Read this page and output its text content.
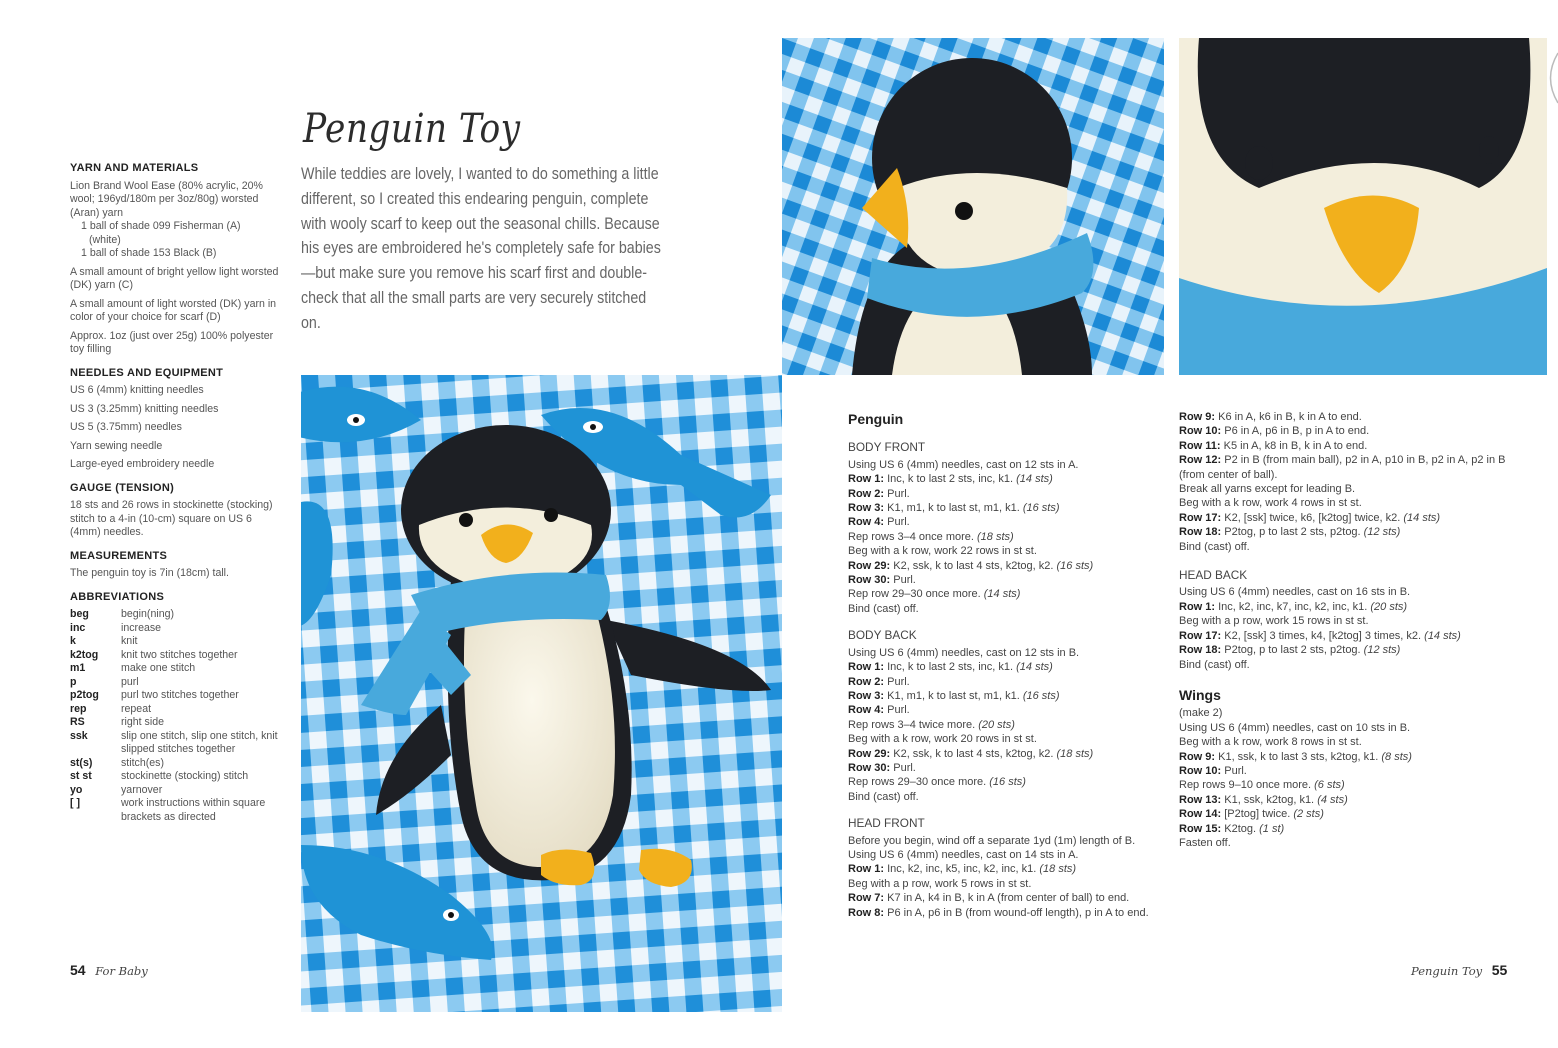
YARN AND MATERIALS

Lion Brand Wool Ease (80% acrylic, 20% wool; 196yd/180m per 3oz/80g) worsted (Aran) yarn

1 ball of shade 099 Fisherman (A)

(white)

1 ball of shade 153 Black (B)

A small amount of bright yellow light worsted (DK) yarn (C)

A small amount of light worsted (DK) yarn in color of your choice for scarf (D)

Approx. 1oz (just over 25g) 100% polyester toy filling

NEEDLES AND EQUIPMENT

US 6 (4mm) knitting needles

US 3 (3.25mm) knitting needles

US 5 (3.75mm) needles

Yarn sewing needle

Large-eyed embroidery needle

GAUGE (TENSION)

18 sts and 26 rows in stockinette (stocking) stitch to a 4-in (10-cm) square on US 6 (4mm) needles.

MEASUREMENTS

The penguin toy is 7in (18cm) tall.

ABBREVIATIONS
beg	begin(ning)
inc	increase
k	knit
k2tog	knit two stitches together
m1	make one stitch
p	purl
p2tog	purl two stitches together
rep	repeat
RS	right side
ssk	slip one stitch, slip one stitch, knit slipped stitches together
st(s)	stitch(es)
st st	stockinette (stocking) stitch
yo	yarnover
[ ]	work instructions within square brackets as directed
Penguin Toy
While teddies are lovely, I wanted to do something a little different, so I created this endearing penguin, complete with wooly scarf to keep out the seasonal chills. Because his eyes are embroidered he's completely safe for babies—but make sure you remove his scarf first and double-check that all the small parts are very securely stitched on.
Penguin
BODY FRONT

Using US 6 (4mm) needles, cast on 12 sts in A.

Row 1: Inc, k to last 2 sts, inc, k1. (14 sts)

Row 2: Purl.

Row 3: K1, m1, k to last st, m1, k1. (16 sts)

Row 4: Purl.

Rep rows 3–4 once more. (18 sts)

Beg with a k row, work 22 rows in st st.

Row 29: K2, ssk, k to last 4 sts, k2tog, k2. (16 sts)

Row 30: Purl.

Rep row 29–30 once more. (14 sts)

Bind (cast) off.

BODY BACK

Using US 6 (4mm) needles, cast on 12 sts in B.

Row 1: Inc, k to last 2 sts, inc, k1. (14 sts)

Row 2: Purl.

Row 3: K1, m1, k to last st, m1, k1. (16 sts)

Row 4: Purl.

Rep rows 3–4 twice more. (20 sts)

Beg with a k row, work 20 rows in st st.

Row 29: K2, ssk, k to last 4 sts, k2tog, k2. (18 sts)

Row 30: Purl.

Rep rows 29–30 once more. (16 sts)

Bind (cast) off.

HEAD FRONT

Before you begin, wind off a separate 1yd (1m) length of B.

Using US 6 (4mm) needles, cast on 14 sts in A.

Row 1: Inc, k2, inc, k5, inc, k2, inc, k1. (18 sts)

Beg with a p row, work 5 rows in st st.

Row 7: K7 in A, k4 in B, k in A (from center of ball) to end.

Row 8: P6 in A, p6 in B (from wound-off length), p in A to end.

Row 9: K6 in A, k6 in B, k in A to end.

Row 10: P6 in A, p6 in B, p in A to end.

Row 11: K5 in A, k8 in B, k in A to end.

Row 12: P2 in B (from main ball), p2 in A, p10 in B, p2 in A, p2 in B (from center of ball).

Break all yarns except for leading B.

Beg with a k row, work 4 rows in st st.

Row 17: K2, [ssk] twice, k6, [k2tog] twice, k2. (14 sts)

Row 18: P2tog, p to last 2 sts, p2tog. (12 sts)

Bind (cast) off.

HEAD BACK

Using US 6 (4mm) needles, cast on 16 sts in B.

Row 1: Inc, k2, inc, k7, inc, k2, inc, k1. (20 sts)

Beg with a p row, work 15 rows in st st.

Row 17: K2, [ssk] 3 times, k4, [k2tog] 3 times, k2. (14 sts)

Row 18: P2tog, p to last 2 sts, p2tog. (12 sts)

Bind (cast) off.

Wings

(make 2)

Using US 6 (4mm) needles, cast on 10 sts in B.

Beg with a k row, work 8 rows in st st.

Row 9: K1, ssk, k to last 3 sts, k2tog, k1. (8 sts)

Row 10: Purl.

Rep rows 9–10 once more. (6 sts)

Row 13: K1, ssk, k2tog, k1. (4 sts)

Row 14: [P2tog] twice. (2 sts)

Row 15: K2tog. (1 st)

Fasten off.

54 For Baby	Penguin Toy 55
